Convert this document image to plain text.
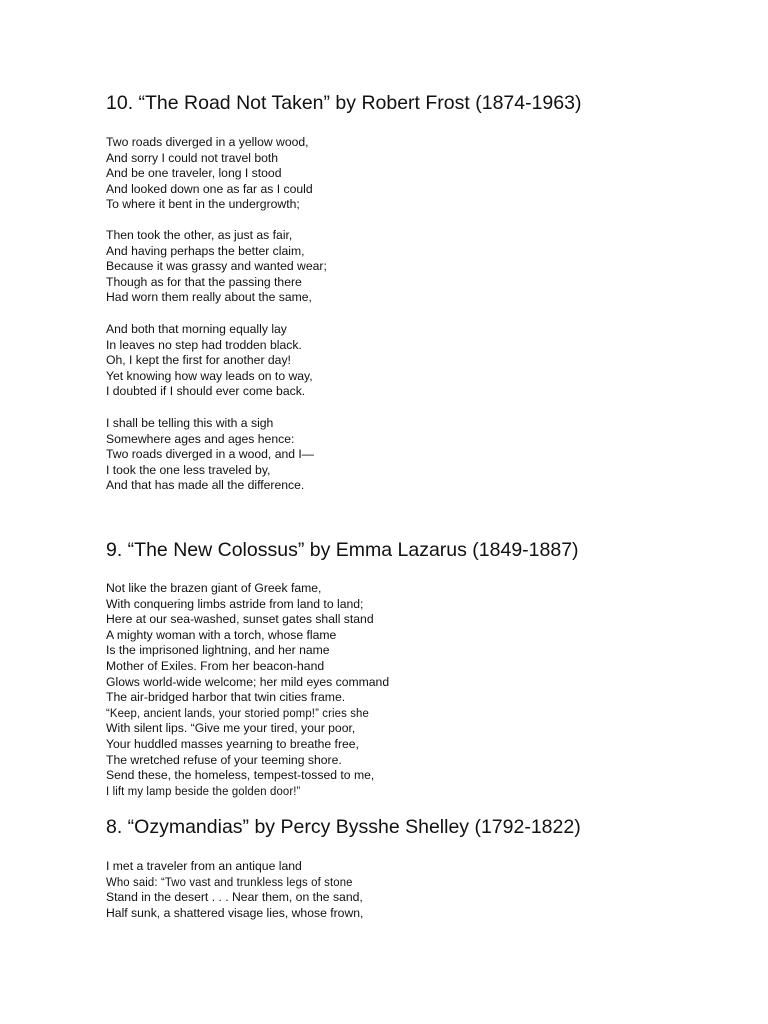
10. “The Road Not Taken” by Robert Frost (1874-1963)
Two roads diverged in a yellow wood,
And sorry I could not travel both
And be one traveler, long I stood
And looked down one as far as I could
To where it bent in the undergrowth;
Then took the other, as just as fair,
And having perhaps the better claim,
Because it was grassy and wanted wear;
Though as for that the passing there
Had worn them really about the same,
And both that morning equally lay
In leaves no step had trodden black.
Oh, I kept the first for another day!
Yet knowing how way leads on to way,
I doubted if I should ever come back.
I shall be telling this with a sigh
Somewhere ages and ages hence:
Two roads diverged in a wood, and I—
I took the one less traveled by,
And that has made all the difference.
9. “The New Colossus” by Emma Lazarus (1849-1887)
Not like the brazen giant of Greek fame,
With conquering limbs astride from land to land;
Here at our sea-washed, sunset gates shall stand
A mighty woman with a torch, whose flame
Is the imprisoned lightning, and her name
Mother of Exiles. From her beacon-hand
Glows world-wide welcome; her mild eyes command
The air-bridged harbor that twin cities frame.
“Keep, ancient lands, your storied pomp!” cries she
With silent lips. “Give me your tired, your poor,
Your huddled masses yearning to breathe free,
The wretched refuse of your teeming shore.
Send these, the homeless, tempest-tossed to me,
I lift my lamp beside the golden door!”
8. “Ozymandias” by Percy Bysshe Shelley (1792-1822)
I met a traveler from an antique land
Who said: “Two vast and trunkless legs of stone
Stand in the desert . . . Near them, on the sand,
Half sunk, a shattered visage lies, whose frown,
